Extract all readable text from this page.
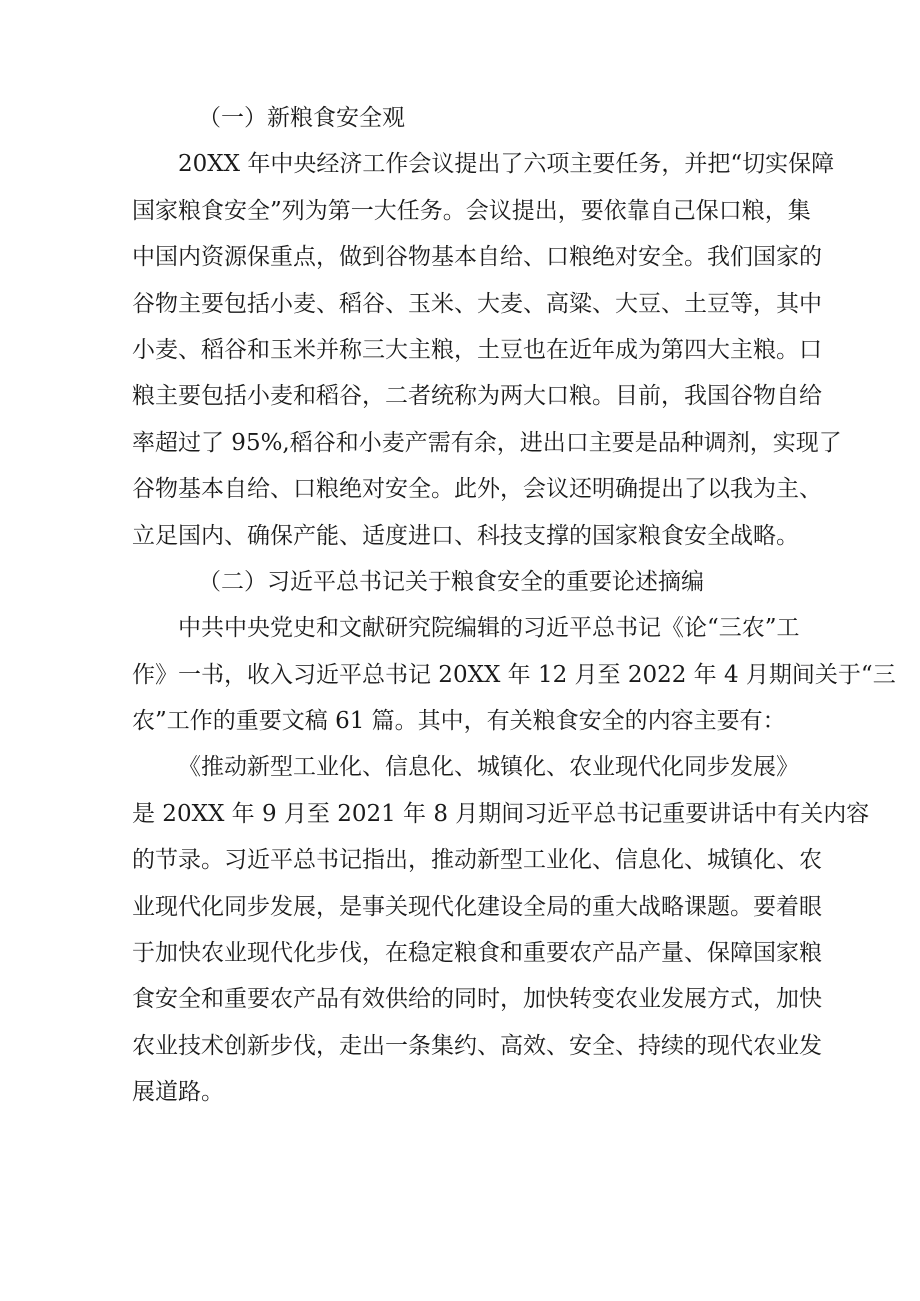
（一）新粮食安全观
20XX 年中央经济工作会议提出了六项主要任务，并把“切实保障
国家粮食安全”列为第一大任务。会议提出，要依靠自己保口粮，集
中国内资源保重点，做到谷物基本自给、口粮绝对安全。我们国家的
谷物主要包括小麦、稻谷、玉米、大麦、高粱、大豆、土豆等，其中
小麦、稻谷和玉米并称三大主粮，土豆也在近年成为第四大主粮。口
粮主要包括小麦和稻谷，二者统称为两大口粮。目前，我国谷物自给
率超过了 95%,稻谷和小麦产需有余，进出口主要是品种调剂，实现了
谷物基本自给、口粮绝对安全。此外，会议还明确提出了以我为主、
立足国内、确保产能、适度进口、科技支撑的国家粮食安全战略。
（二）习近平总书记关于粮食安全的重要论述摘编
中共中央党史和文献研究院编辑的习近平总书记《论“三农”工
作》一书，收入习近平总书记 20XX 年 12 月至 2022 年 4 月期间关于“三
农”工作的重要文稿 61 篇。其中，有关粮食安全的内容主要有：
《推动新型工业化、信息化、城镇化、农业现代化同步发展》
是 20XX 年 9 月至 2021 年 8 月期间习近平总书记重要讲话中有关内容
的节录。习近平总书记指出，推动新型工业化、信息化、城镇化、农
业现代化同步发展，是事关现代化建设全局的重大战略课题。要着眼
于加快农业现代化步伐，在稳定粮食和重要农产品产量、保障国家粮
食安全和重要农产品有效供给的同时，加快转变农业发展方式，加快
农业技术创新步伐，走出一条集约、高效、安全、持续的现代农业发
展道路。
